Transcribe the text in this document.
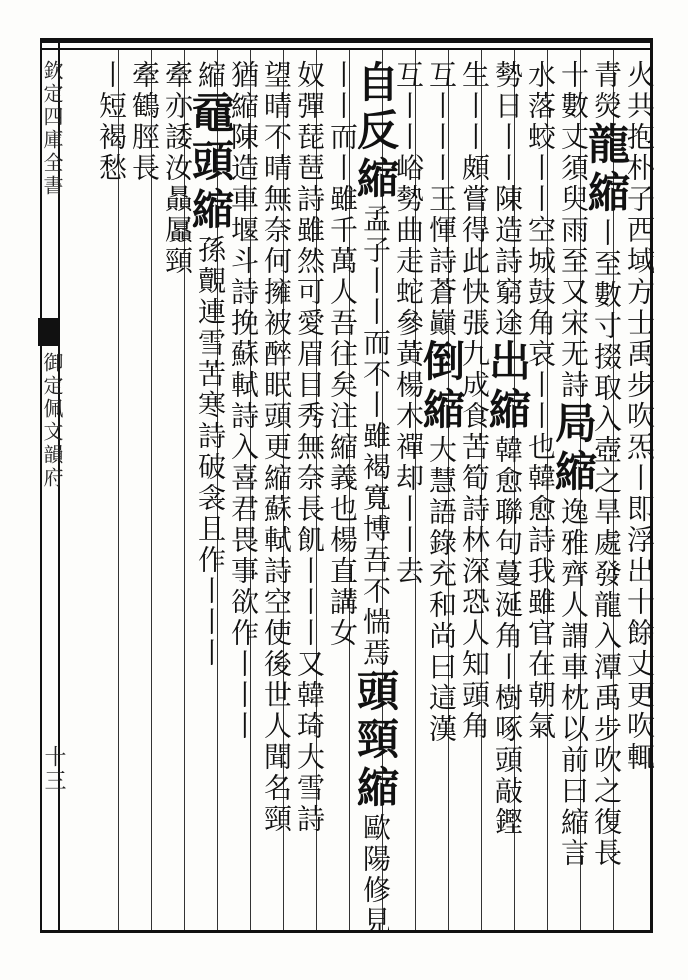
欽定四庫全書
御定佩文韻府
十三
火共抱朴子西域方士禹步吹炁丨即浮出十餘丈更吹輒
青熒龍縮丨至數寸掇取入壺之旱處發龍入潭禹步吹之復長
十數丈須臾雨至又宋无詩局縮逸雅齊人謂車枕以前曰縮言
水落蛟丨丨空城鼓角哀丨丨也韓愈詩我雖官在朝氣
勢日丨丨陳造詩窮途出縮韓愈聯句蔓涎角丨樹啄頭敲鏗
生丨丨頗嘗得此快張九成食苦筍詩林深恐人知頭角
互丨丨丨王惲詩蒼巓倒縮大慧語錄充和尚曰這漢
互丨丨峪勢曲走蛇參黃楊木禪却丨丨去
自反縮孟子丨丨而不丨雖褐寬博吾不惴焉頭頸縮歐陽修見
丨丨而丨雖千萬人吾往矣注縮義也楊直講女
奴彈琵琶詩雖然可愛眉目秀無奈長飢丨丨丨又韓琦大雪詩
望晴不晴無奈何擁被醉眠頭更縮蘇軾詩空使後世人聞名頸
猶縮陳造車堰斗詩挽蘇軾詩入喜君畏事欲作丨丨丨
縮黿頭縮孫覿連雪苦寒詩破衾且作丨丨丨
牽亦諉汝贔屭頸
牽鶴脛長
丨短褐愁
